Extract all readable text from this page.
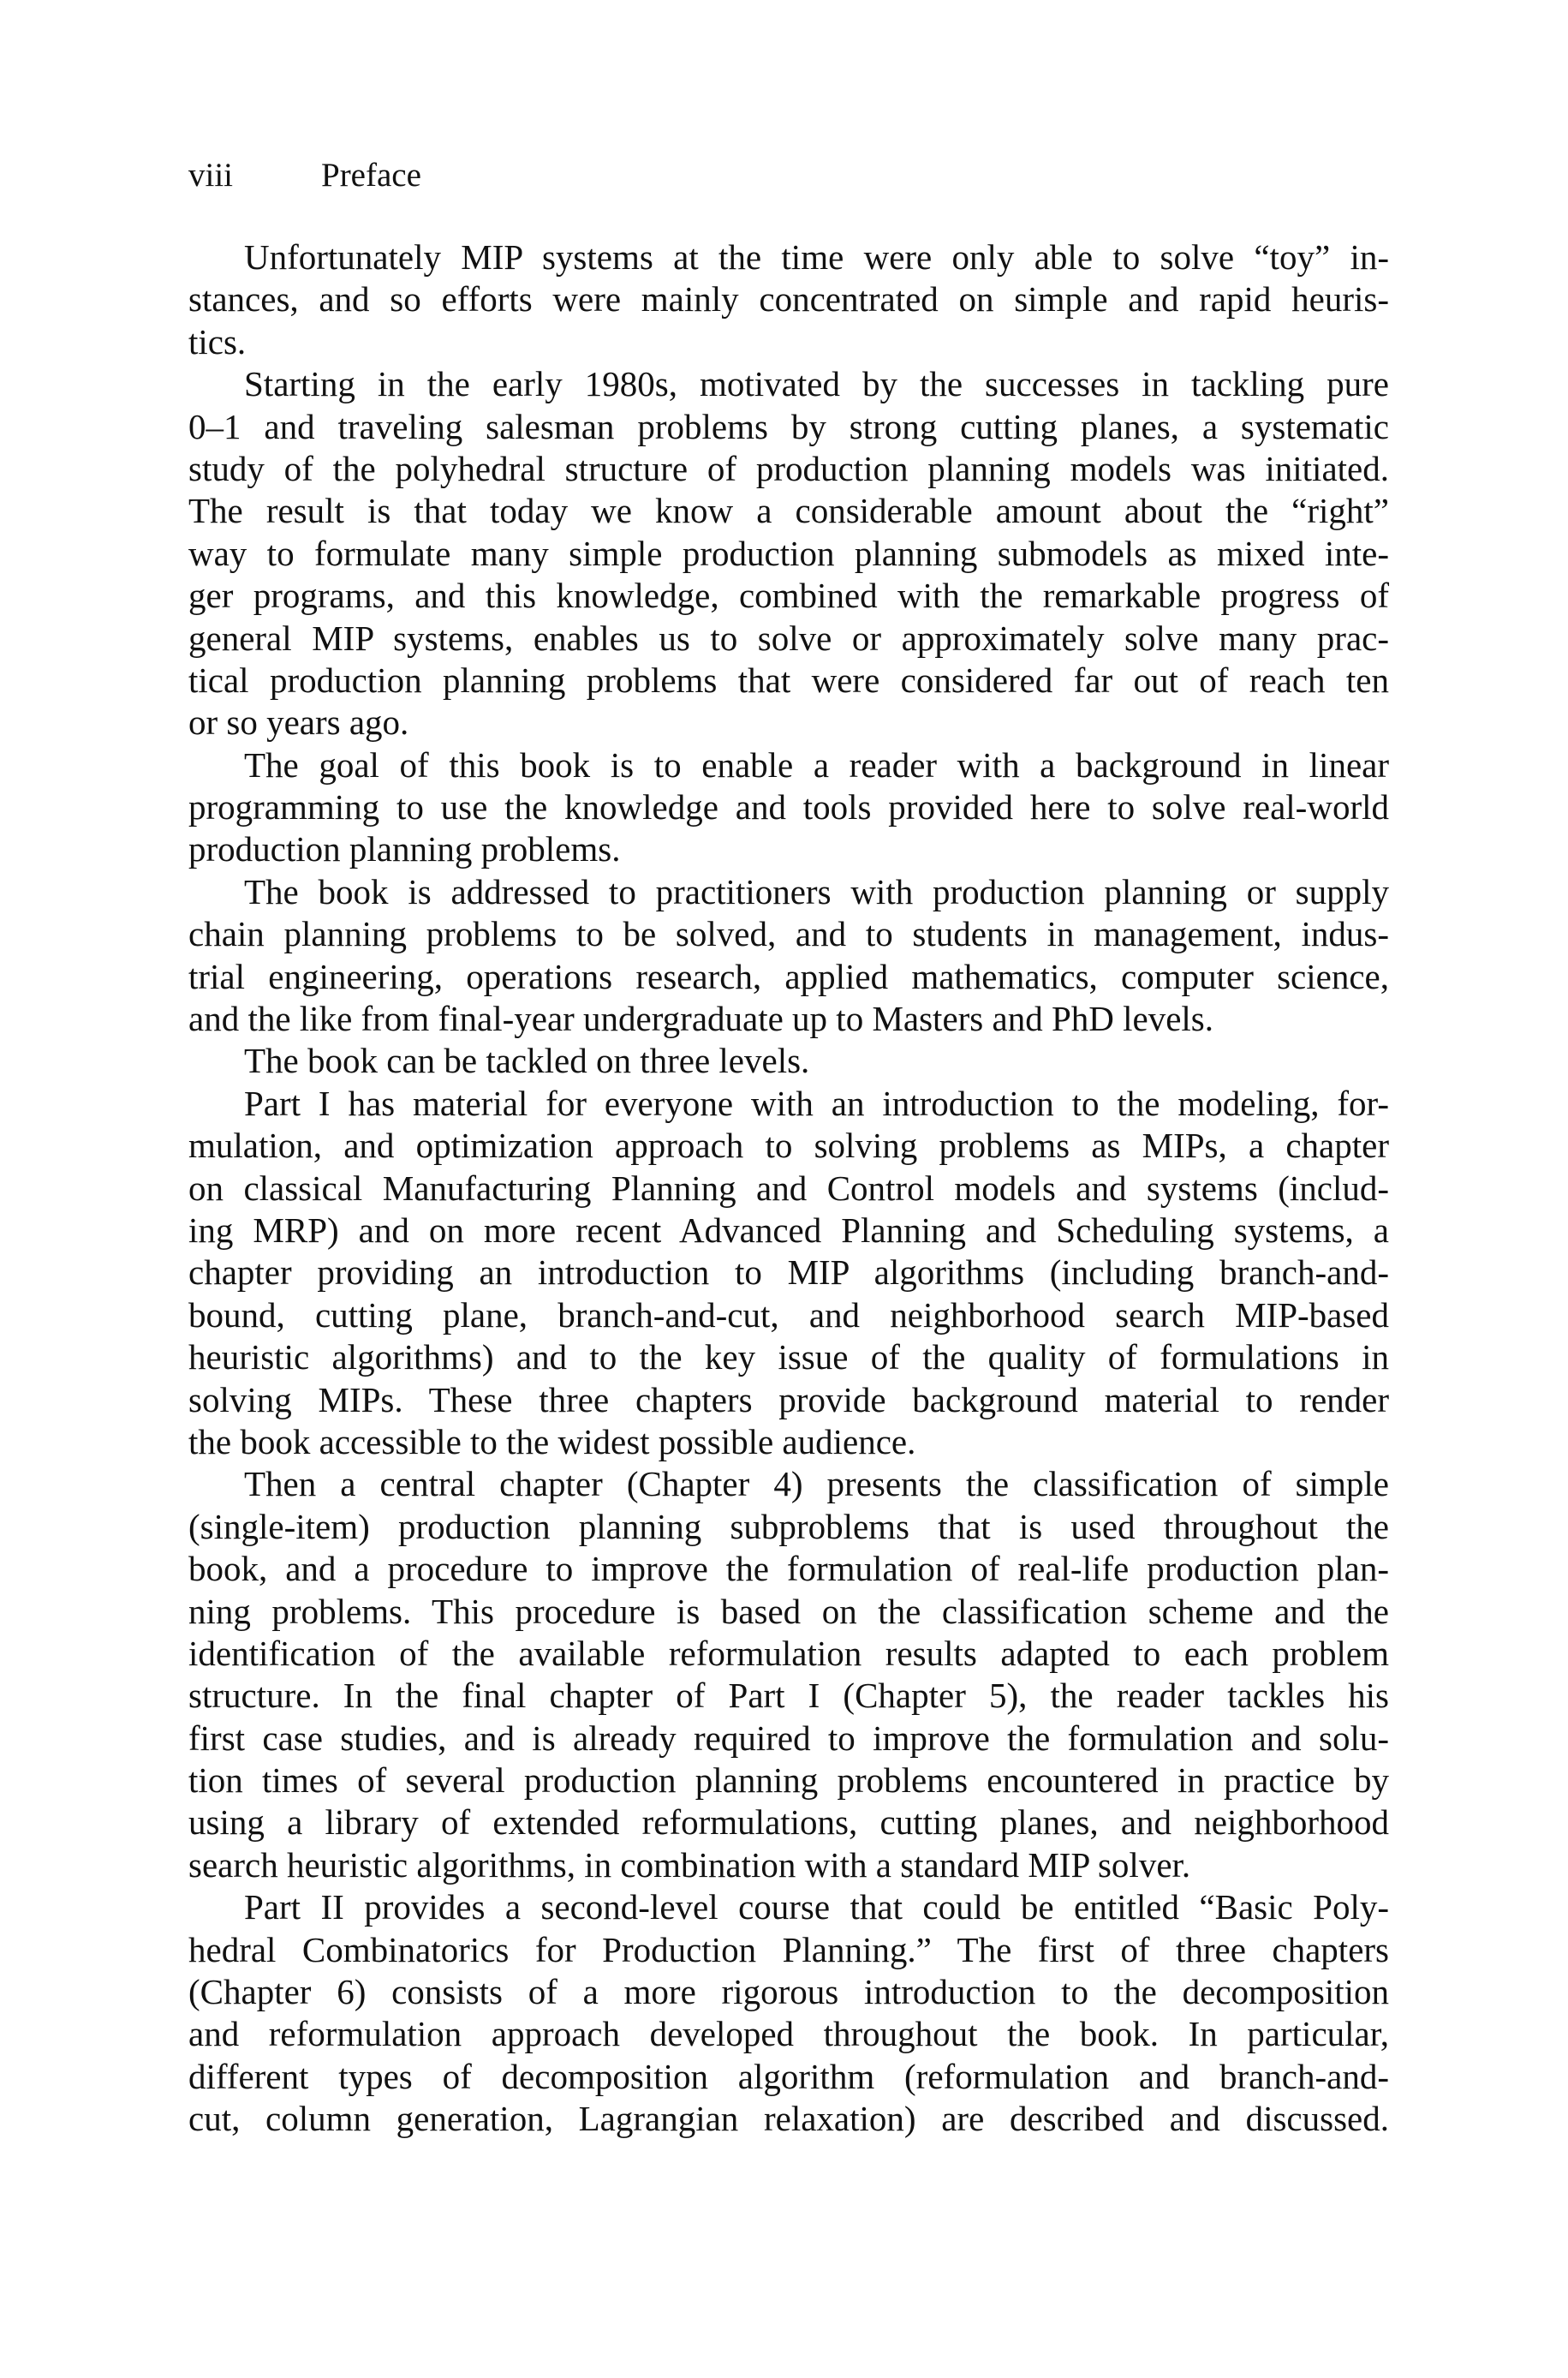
viii	Preface
Unfortunately MIP systems at the time were only able to solve “toy” in-
stances, and so efforts were mainly concentrated on simple and rapid heuris-
tics.
Starting in the early 1980s, motivated by the successes in tackling pure
0–1 and traveling salesman problems by strong cutting planes, a systematic
study of the polyhedral structure of production planning models was initiated.
The result is that today we know a considerable amount about the “right”
way to formulate many simple production planning submodels as mixed inte-
ger programs, and this knowledge, combined with the remarkable progress of
general MIP systems, enables us to solve or approximately solve many prac-
tical production planning problems that were considered far out of reach ten
or so years ago.
The goal of this book is to enable a reader with a background in linear
programming to use the knowledge and tools provided here to solve real-world
production planning problems.
The book is addressed to practitioners with production planning or supply
chain planning problems to be solved, and to students in management, indus-
trial engineering, operations research, applied mathematics, computer science,
and the like from final-year undergraduate up to Masters and PhD levels.
The book can be tackled on three levels.
Part I has material for everyone with an introduction to the modeling, for-
mulation, and optimization approach to solving problems as MIPs, a chapter
on classical Manufacturing Planning and Control models and systems (includ-
ing MRP) and on more recent Advanced Planning and Scheduling systems, a
chapter providing an introduction to MIP algorithms (including branch-and-
bound, cutting plane, branch-and-cut, and neighborhood search MIP-based
heuristic algorithms) and to the key issue of the quality of formulations in
solving MIPs. These three chapters provide background material to render
the book accessible to the widest possible audience.
Then a central chapter (Chapter 4) presents the classification of simple
(single-item) production planning subproblems that is used throughout the
book, and a procedure to improve the formulation of real-life production plan-
ning problems. This procedure is based on the classification scheme and the
identification of the available reformulation results adapted to each problem
structure. In the final chapter of Part I (Chapter 5), the reader tackles his
first case studies, and is already required to improve the formulation and solu-
tion times of several production planning problems encountered in practice by
using a library of extended reformulations, cutting planes, and neighborhood
search heuristic algorithms, in combination with a standard MIP solver.
Part II provides a second-level course that could be entitled “Basic Poly-
hedral Combinatorics for Production Planning.” The first of three chapters
(Chapter 6) consists of a more rigorous introduction to the decomposition
and reformulation approach developed throughout the book. In particular,
different types of decomposition algorithm (reformulation and branch-and-
cut, column generation, Lagrangian relaxation) are described and discussed.
